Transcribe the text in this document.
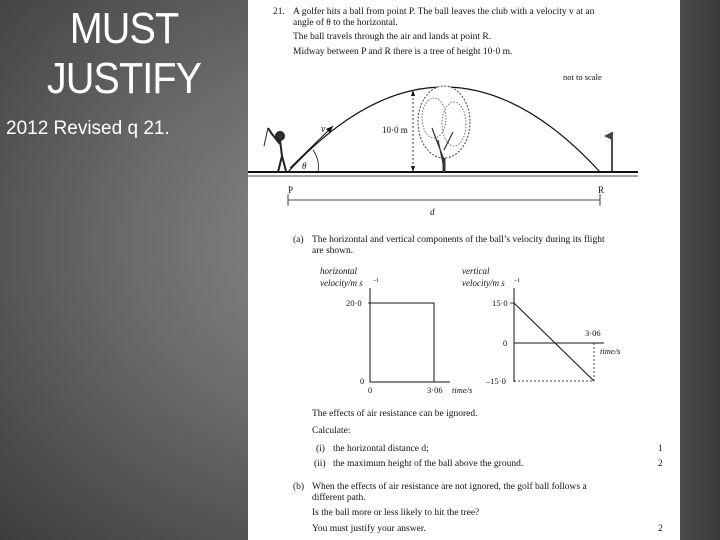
MUST
JUSTIFY
2012 Revised q 21.
21. A golfer hits a ball from point P. The ball leaves the club with a velocity v at an
angle of θ to the horizontal.
The ball travels through the air and lands at point R.
Midway between P and R there is a tree of height 10·0 m.
v
θ
10·0 m
P	R
d
not to scale
(a) The horizontal and vertical components of the ball’s velocity during its flight
are shown.
horizontal
velocity/m s –1
20·0
0
0	3·06 time/s
vertical
velocity/m s –1
15·0
0
–15·0
3·06
time/s
The effects of air resistance can be ignored.
Calculate:
(i) the horizontal distance d;	1
(ii) the maximum height of the ball above the ground.	2
(b) When the effects of air resistance are not ignored, the golf ball follows a
different path.
Is the ball more or less likely to hit the tree?
You must justify your answer.	2
